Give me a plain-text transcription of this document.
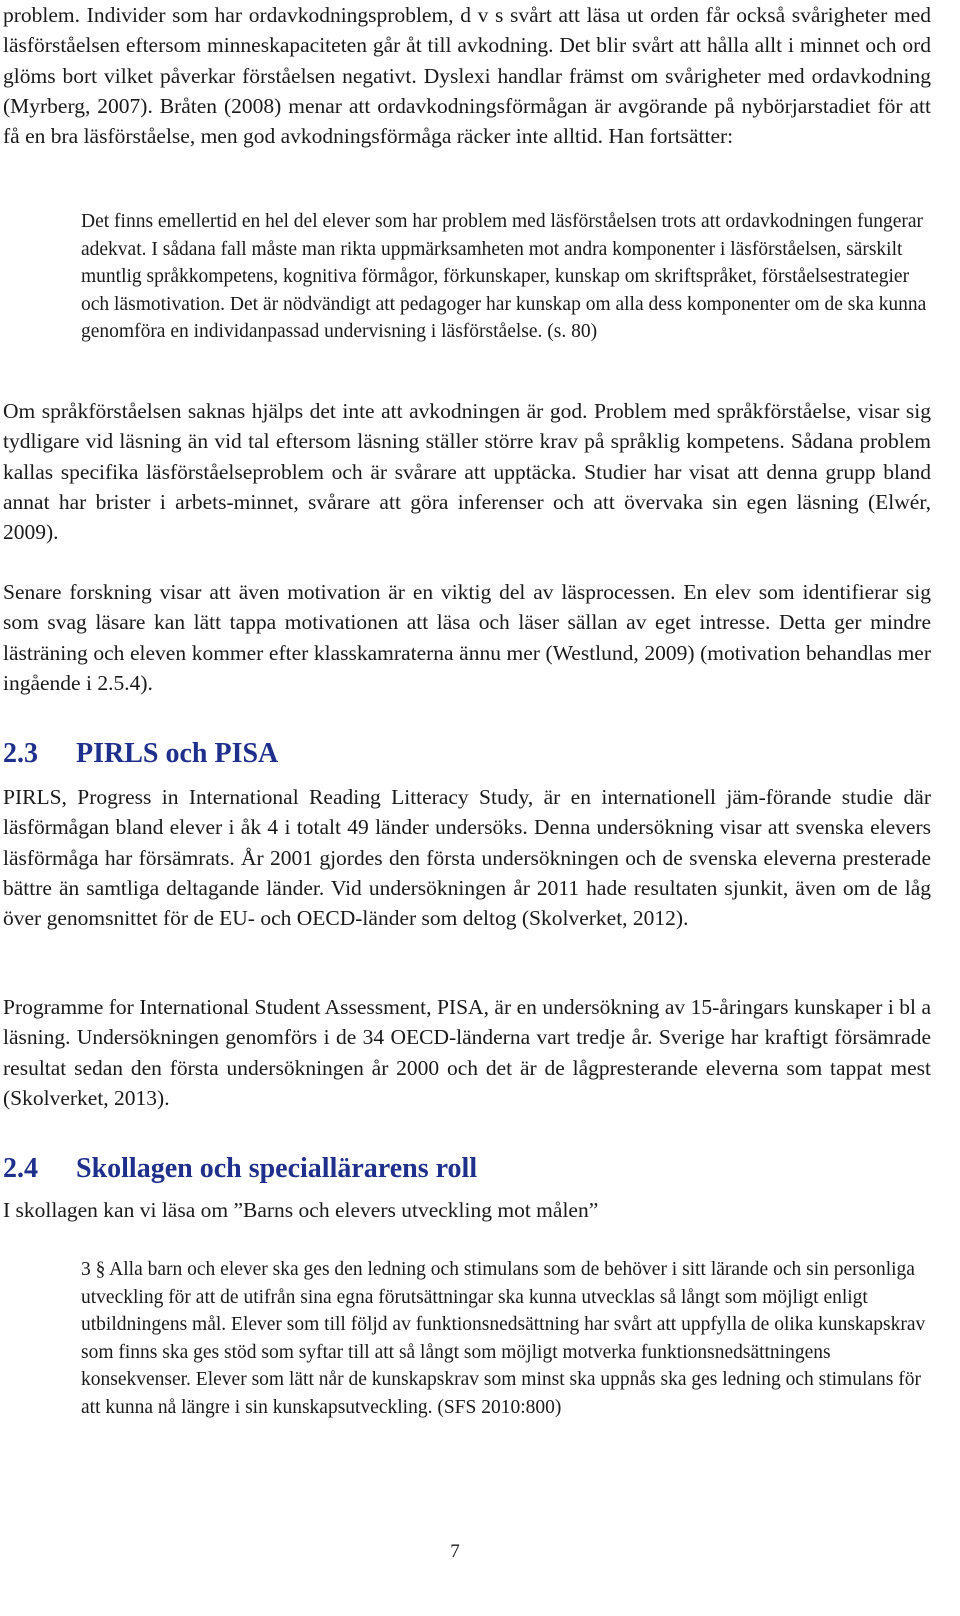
problem. Individer som har ordavkodningsproblem, d v s svårt att läsa ut orden får också svårigheter med läsförståelsen eftersom minneskapaciteten går åt till avkodning. Det blir svårt att hålla allt i minnet och ord glöms bort vilket påverkar förståelsen negativt. Dyslexi handlar främst om svårigheter med ordavkodning (Myrberg, 2007). Bråten (2008) menar att ordavkodningsförmågan är avgörande på nybörjarstadiet för att få en bra läsförståelse, men god avkodningsförmåga räcker inte alltid. Han fortsätter:

Det finns emellertid en hel del elever som har problem med läsförståelsen trots att ordavkodningen fungerar adekvat. I sådana fall måste man rikta uppmärksamheten mot andra komponenter i läsförståelsen, särskilt muntlig språkkompetens, kognitiva förmågor, förkunskaper, kunskap om skriftspråket, förståelsestrategier och läsmotivation. Det är nödvändigt att pedagoger har kunskap om alla dess komponenter om de ska kunna genomföra en individanpassad undervisning i läsförståelse. (s. 80)

Om språkförståelsen saknas hjälps det inte att avkodningen är god. Problem med språkförståelse, visar sig tydligare vid läsning än vid tal eftersom läsning ställer större krav på språklig kompetens. Sådana problem kallas specifika läsförståelseproblem och är svårare att upptäcka. Studier har visat att denna grupp bland annat har brister i arbets-minnet, svårare att göra inferenser och att övervaka sin egen läsning (Elwér, 2009).

Senare forskning visar att även motivation är en viktig del av läsprocessen. En elev som identifierar sig som svag läsare kan lätt tappa motivationen att läsa och läser sällan av eget intresse. Detta ger mindre lästräning och eleven kommer efter klasskamraterna ännu mer (Westlund, 2009) (motivation behandlas mer ingående i 2.5.4).

2.3 PIRLS och PISA

PIRLS, Progress in International Reading Litteracy Study, är en internationell jäm-förande studie där läsförmågan bland elever i åk 4 i totalt 49 länder undersöks. Denna undersökning visar att svenska elevers läsförmåga har försämrats. År 2001 gjordes den första undersökningen och de svenska eleverna presterade bättre än samtliga deltagande länder. Vid undersökningen år 2011 hade resultaten sjunkit, även om de låg över genomsnittet för de EU- och OECD-länder som deltog (Skolverket, 2012).

Programme for International Student Assessment, PISA, är en undersökning av 15-åringars kunskaper i bl a läsning. Undersökningen genomförs i de 34 OECD-länderna vart tredje år. Sverige har kraftigt försämrade resultat sedan den första undersökningen år 2000 och det är de lågpresterande eleverna som tappat mest (Skolverket, 2013).

2.4 Skollagen och speciallärarens roll

I skollagen kan vi läsa om ”Barns och elevers utveckling mot målen”

3 § Alla barn och elever ska ges den ledning och stimulans som de behöver i sitt lärande och sin personliga utveckling för att de utifrån sina egna förutsättningar ska kunna utvecklas så långt som möjligt enligt utbildningens mål. Elever som till följd av funktionsnedsättning har svårt att uppfylla de olika kunskapskrav som finns ska ges stöd som syftar till att så långt som möjligt motverka funktionsnedsättningens konsekvenser. Elever som lätt når de kunskapskrav som minst ska uppnås ska ges ledning och stimulans för att kunna nå längre i sin kunskapsutveckling. (SFS 2010:800)

7
